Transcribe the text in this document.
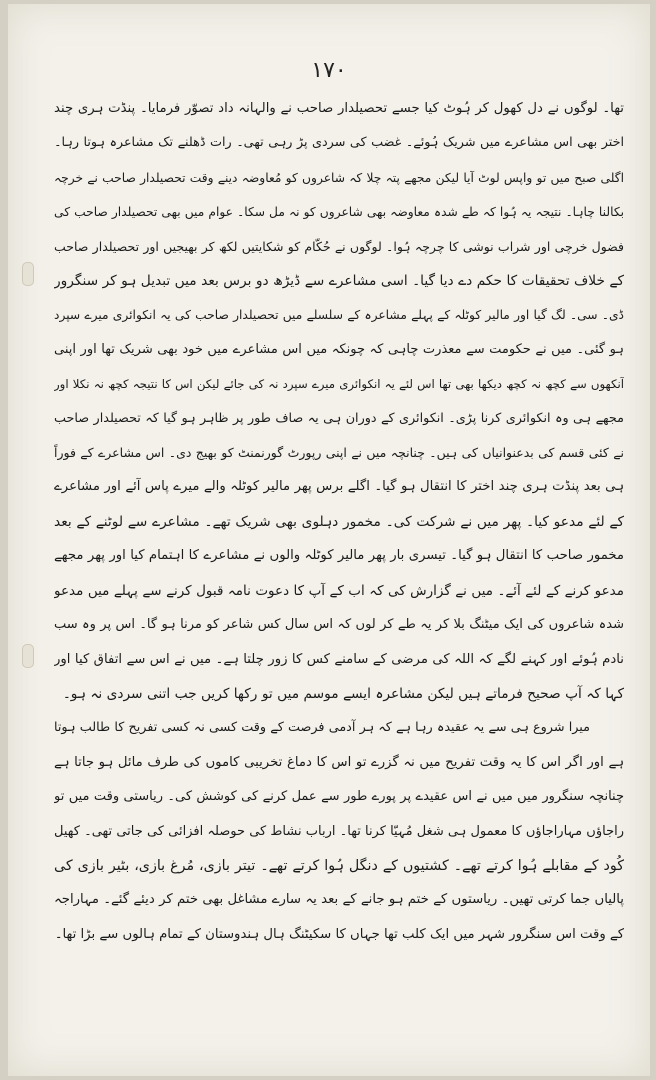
۱۷۰

تھا۔ لوگوں نے دل کھول کر ہُوٹ کیا جسے تحصیلدار صاحب نے والہانہ داد تصوّر فرمایا۔ پنڈت ہری چند
اختر بھی اس مشاعرے میں شریک ہُوئے۔ غضب کی سردی پڑ رہی تھی۔ رات ڈھلنے تک مشاعرہ ہوتا رہا۔
اگلی صبح میں تو واپس لوٹ آیا لیکن مجھے پتہ چلا کہ شاعروں کو مُعاوضہ دینے وقت تحصیلدار صاحب نے خرچہ
بکالنا چاہا۔ نتیجہ یہ ہُوا کہ طے شدہ معاوضہ بھی شاعروں کو نہ مل سکا۔ عوام میں بھی تحصیلدار صاحب کی
فضول خرچی اور شراب نوشی کا چرچہ ہُوا۔ لوگوں نے حُکّام کو شکایتیں لکھ کر بھیجیں اور تحصیلدار صاحب
کے خلاف تحقیقات کا حکم دے دیا گیا۔ اسی مشاعرے سے ڈیڑھ دو برس بعد میں تبدیل ہو کر سنگرور
ڈی۔ سی۔ لگ گیا اور مالیر کوٹلہ کے پہلے مشاعرہ کے سلسلے میں تحصیلدار صاحب کی یہ انکوائری میرے سپرد
ہو گئی۔ میں نے حکومت سے معذرت چاہی کہ چونکہ میں اس مشاعرے میں خود بھی شریک تھا اور اپنی
آنکھوں سے کچھ نہ کچھ دیکھا بھی تھا اس لئے یہ انکوائری میرے سپرد نہ کی جائے لیکن اس کا نتیجہ کچھ نہ نکلا اور
مجھے ہی وہ انکوائری کرنا پڑی۔ انکوائری کے دوران ہی یہ صاف طور پر ظاہر ہو گیا کہ تحصیلدار صاحب
نے کئی قسم کی بدعنوانیاں کی ہیں۔ چنانچہ میں نے اپنی رپورٹ گورنمنٹ کو بھیج دی۔ اس مشاعرے کے فوراً
ہی بعد پنڈت ہری چند اختر کا انتقال ہو گیا۔ اگلے برس پھر مالیر کوٹلہ والے میرے پاس آئے اور مشاعرے
کے لئے مدعو کیا۔ پھر میں نے شرکت کی۔ مخمور دہلوی بھی شریک تھے۔ مشاعرے سے لوٹنے کے بعد
مخمور صاحب کا انتقال ہو گیا۔ تیسری بار پھر مالیر کوٹلہ والوں نے مشاعرے کا اہتمام کیا اور پھر مجھے
مدعو کرنے کے لئے آئے۔ میں نے گزارش کی کہ اب کے آپ کا دعوت نامہ قبول کرنے سے پہلے میں مدعو
شدہ شاعروں کی ایک میٹنگ بلا کر یہ طے کر لوں کہ اس سال کس شاعر کو مرنا ہو گا۔ اس پر وہ سب
نادم ہُوئے اور کہنے لگے کہ اللہ کی مرضی کے سامنے کس کا زور چلتا ہے۔ میں نے اس سے اتفاق کیا اور
کہا کہ آپ صحیح فرماتے ہیں لیکن مشاعرہ ایسے موسم میں تو رکھا کریں جب اتنی سردی نہ ہو۔

میرا شروع ہی سے یہ عقیدہ رہا ہے کہ ہر آدمی فرصت کے وقت کسی نہ کسی تفریح کا طالب ہوتا
ہے اور اگر اس کا یہ وقت تفریح میں نہ گزرے تو اس کا دماغ تخریبی کاموں کی طرف مائل ہو جاتا ہے
چنانچہ سنگرور میں میں نے اس عقیدے پر پورے طور سے عمل کرنے کی کوشش کی۔ ریاستی وقت میں تو
راجاؤں مہاراجاؤں کا معمول ہی شغل مُہیّا کرنا تھا۔ ارباب نشاط کی حوصلہ افزائی کی جاتی تھی۔ کھیل
کُود کے مقابلے ہُوا کرتے تھے۔ کشتیوں کے دنگل ہُوا کرتے تھے۔ تیتر بازی، مُرغ بازی، بٹیر بازی کی
پالیاں جما کرتی تھیں۔ ریاستوں کے ختم ہو جانے کے بعد یہ سارے مشاغل بھی ختم کر دیئے گئے۔ مہاراجہ
کے وقت اس سنگرور شہر میں ایک کلب تھا جہاں کا سکیٹنگ ہال ہندوستان کے تمام ہالوں سے بڑا تھا۔
